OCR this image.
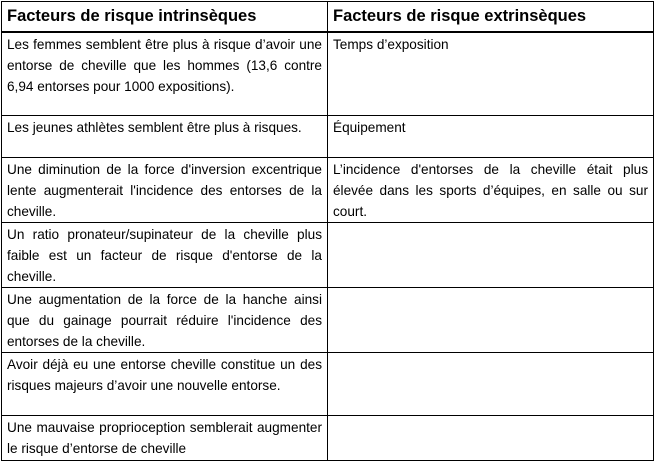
Facteurs de risque intrinsèques	Facteurs de risque extrinsèques
Les femmes semblent être plus à risque d’avoir une entorse de cheville que les hommes (13,6 contre 6,94 entorses pour 1000 expositions).	Temps d’exposition
Les jeunes athlètes semblent être plus à risques.	Équipement
Une diminution de la force d'inversion excentrique lente augmenterait l'incidence des entorses de la cheville.	L’incidence d'entorses de la cheville était plus élevée dans les sports d’équipes, en salle ou sur court.
Un ratio pronateur/supinateur de la cheville plus faible est un facteur de risque d'entorse de la cheville.	
Une augmentation de la force de la hanche ainsi que du gainage pourrait réduire l'incidence des entorses de la cheville.	
Avoir déjà eu une entorse cheville constitue un des risques majeurs d’avoir une nouvelle entorse.	
Une mauvaise proprioception semblerait augmenter le risque d’entorse de cheville	
